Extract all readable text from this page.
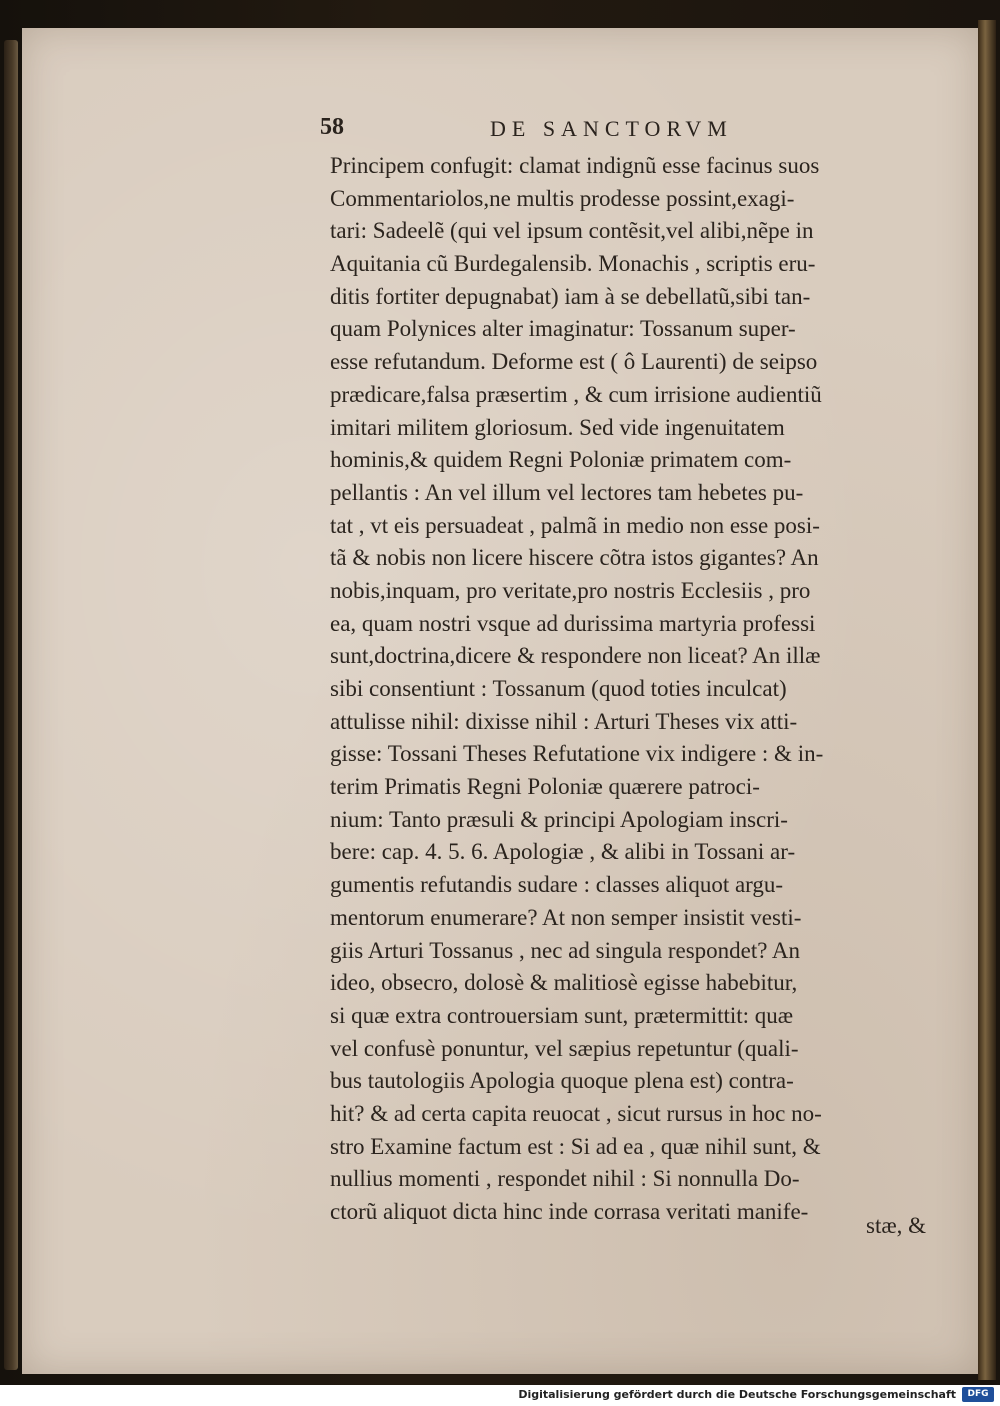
58	DE SANCTORVM
Principem confugit: clamat indignũ esse facinus suos
Commentariolos,ne multis prodesse possint,exagi-
tari: Sadeelẽ (qui vel ipsum contẽsit,vel alibi,nẽpe in
Aquitania cũ Burdegalensib. Monachis , scriptis eru-
ditis fortiter depugnabat) iam à se debellatũ,sibi tan-
quam Polynices alter imaginatur: Tossanum super-
esse refutandum. Deforme est ( ô Laurenti) de seipso
prædicare,falsa præsertim , & cum irrisione audientiũ
imitari militem gloriosum. Sed vide ingenuitatem
hominis,& quidem Regni Poloniæ primatem com-
pellantis : An vel illum vel lectores tam hebetes pu-
tat , vt eis persuadeat , palmã in medio non esse posi-
tã & nobis non licere hiscere cõtra istos gigantes? An
nobis,inquam, pro veritate,pro nostris Ecclesiis , pro
ea, quam nostri vsque ad durissima martyria professi
sunt,doctrina,dicere & respondere non liceat? An illæ
sibi consentiunt : Tossanum (quod toties inculcat)
attulisse nihil: dixisse nihil : Arturi Theses vix atti-
gisse: Tossani Theses Refutatione vix indigere : & in-
terim Primatis Regni Poloniæ quærere patroci-
nium: Tanto præsuli & principi Apologiam inscri-
bere: cap. 4. 5. 6. Apologiæ , & alibi in Tossani ar-
gumentis refutandis sudare : classes aliquot argu-
mentorum enumerare? At non semper insistit vesti-
giis Arturi Tossanus , nec ad singula respondet? An
ideo, obsecro, dolosè & malitiosè egisse habebitur,
si quæ extra controuersiam sunt, prætermittit: quæ
vel confusè ponuntur, vel sæpius repetuntur (quali-
bus tautologiis Apologia quoque plena est) contra-
hit? & ad certa capita reuocat , sicut rursus in hoc no-
stro Examine factum est : Si ad ea , quæ nihil sunt, &
nullius momenti , respondet nihil : Si nonnulla Do-
ctorũ aliquot dicta hinc inde corrasa veritati manife-
stæ, &
Digitalisierung gefördert durch die Deutsche Forschungsgemeinschaft	DFG
